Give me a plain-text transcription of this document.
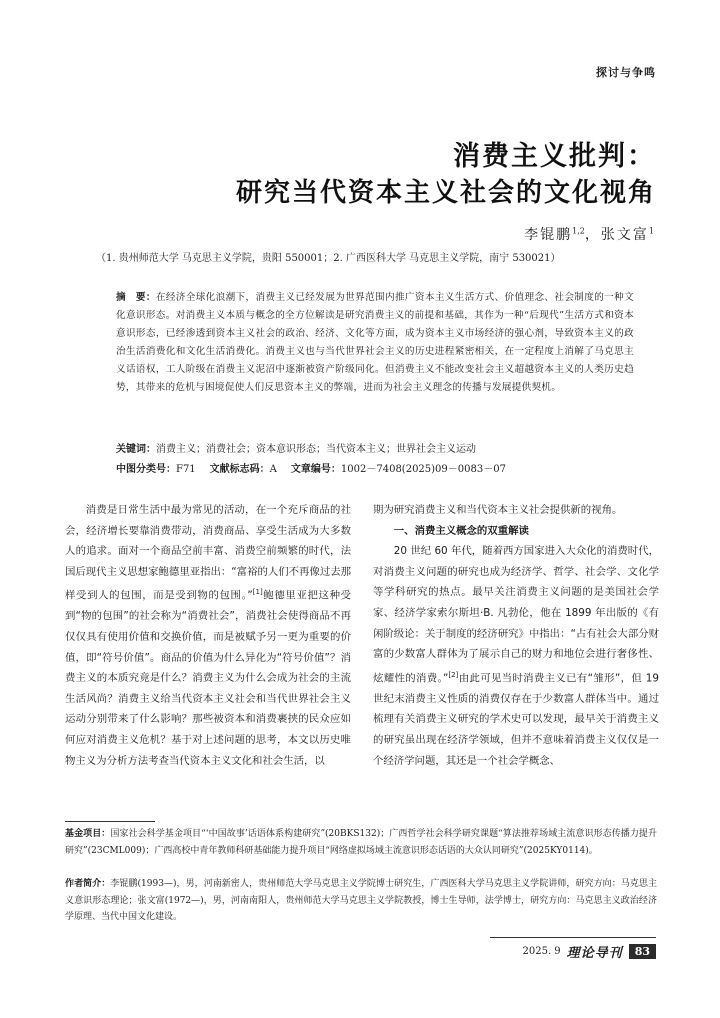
探讨与争鸣
消费主义批判：
研究当代资本主义社会的文化视角
李锟鹏$^{1,2}$，张文富$^1$
（1. 贵州师范大学 马克思主义学院，贵阳 550001；2. 广西医科大学 马克思主义学院，南宁 530021）
摘　要：在经济全球化浪潮下，消费主义已经发展为世界范围内推广资本主义生活方式、价值理念、社会制度的一种文化意识形态。对消费主义本质与概念的全方位解读是研究消费主义的前提和基础，其作为一种“后现代”生活方式和资本意识形态，已经渗透到资本主义社会的政治、经济、文化等方面，成为资本主义市场经济的强心剂，导致资本主义的政治生活消费化和文化生活消费化。消费主义也与当代世界社会主义的历史进程紧密相关，在一定程度上消解了马克思主义话语权，工人阶级在消费主义泥沼中逐渐被资产阶级同化。但消费主义不能改变社会主义超越资本主义的人类历史趋势，其带来的危机与困境促使人们反思资本主义的弊端，进而为社会主义理念的传播与发展提供契机。
关键词：消费主义；消费社会；资本意识形态；当代资本主义；世界社会主义运动
中图分类号：F71 文献标志码：A 文章编号：1002－7408(2025)09－0083－07

消费是日常生活中最为常见的活动，在一个充斥商品的社会，经济增长要靠消费带动，消费商品、享受生活成为大多数人的追求。面对一个商品空前丰富、消费空前频繁的时代，法国后现代主义思想家鲍德里亚指出：“富裕的人们不再像过去那样受到人的包围，而是受到物的包围。”[1]鲍德里亚把这种受到“物的包围”的社会称为“消费社会”，消费社会使得商品不再仅仅具有使用价值和交换价值，而是被赋予另一更为重要的价值，即“符号价值”。商品的价值为什么异化为“符号价值”？消费主义的本质究竟是什么？消费主义为什么会成为社会的主流生活风尚？消费主义给当代资本主义社会和当代世界社会主义运动分别带来了什么影响？那些被资本和消费裹挟的民众应如何应对消费主义危机？基于对上述问题的思考，本文以历史唯物主义为分析方法考查当代资本主义文化和社会生活，以

期为研究消费主义和当代资本主义社会提供新的视角。

一、消费主义概念的双重解读

20 世纪 60 年代，随着西方国家进入大众化的消费时代，对消费主义问题的研究也成为经济学、哲学、社会学、文化学等学科研究的热点。最早关注消费主义问题的是美国社会学家、经济学家索尔斯坦·B. 凡勃伦，他在 1899 年出版的《有闲阶级论：关于制度的经济研究》中指出：“占有社会大部分财富的少数富人群体为了展示自己的财力和地位会进行奢侈性、炫耀性的消费。”[2]由此可见当时消费主义已有“雏形”，但 19 世纪末消费主义性质的消费仅存在于少数富人群体当中。通过梳理有关消费主义研究的学术史可以发现，最早关于消费主义的研究虽出现在经济学领域，但并不意味着消费主义仅仅是一个经济学问题，其还是一个社会学概念、

基金项目：国家社会科学基金项目“‘中国故事’话语体系构建研究”(20BKS132)；广西哲学社会科学研究课题“算法推荐场域主流意识形态传播力提升研究”(23CML009)；广西高校中青年教师科研基础能力提升项目“网络虚拟场域主流意识形态话语的大众认同研究”(2025KY0114)。
作者简介：李锟鹏(1993—)，男，河南新密人，贵州师范大学马克思主义学院博士研究生，广西医科大学马克思主义学院讲师，研究方向：马克思主义意识形态理论；张文富(1972—)，男，河南南阳人，贵州师范大学马克思主义学院教授，博士生导师，法学博士，研究方向：马克思主义政治经济学原理、当代中国文化建设。
2025. 9 理论导刊	83
